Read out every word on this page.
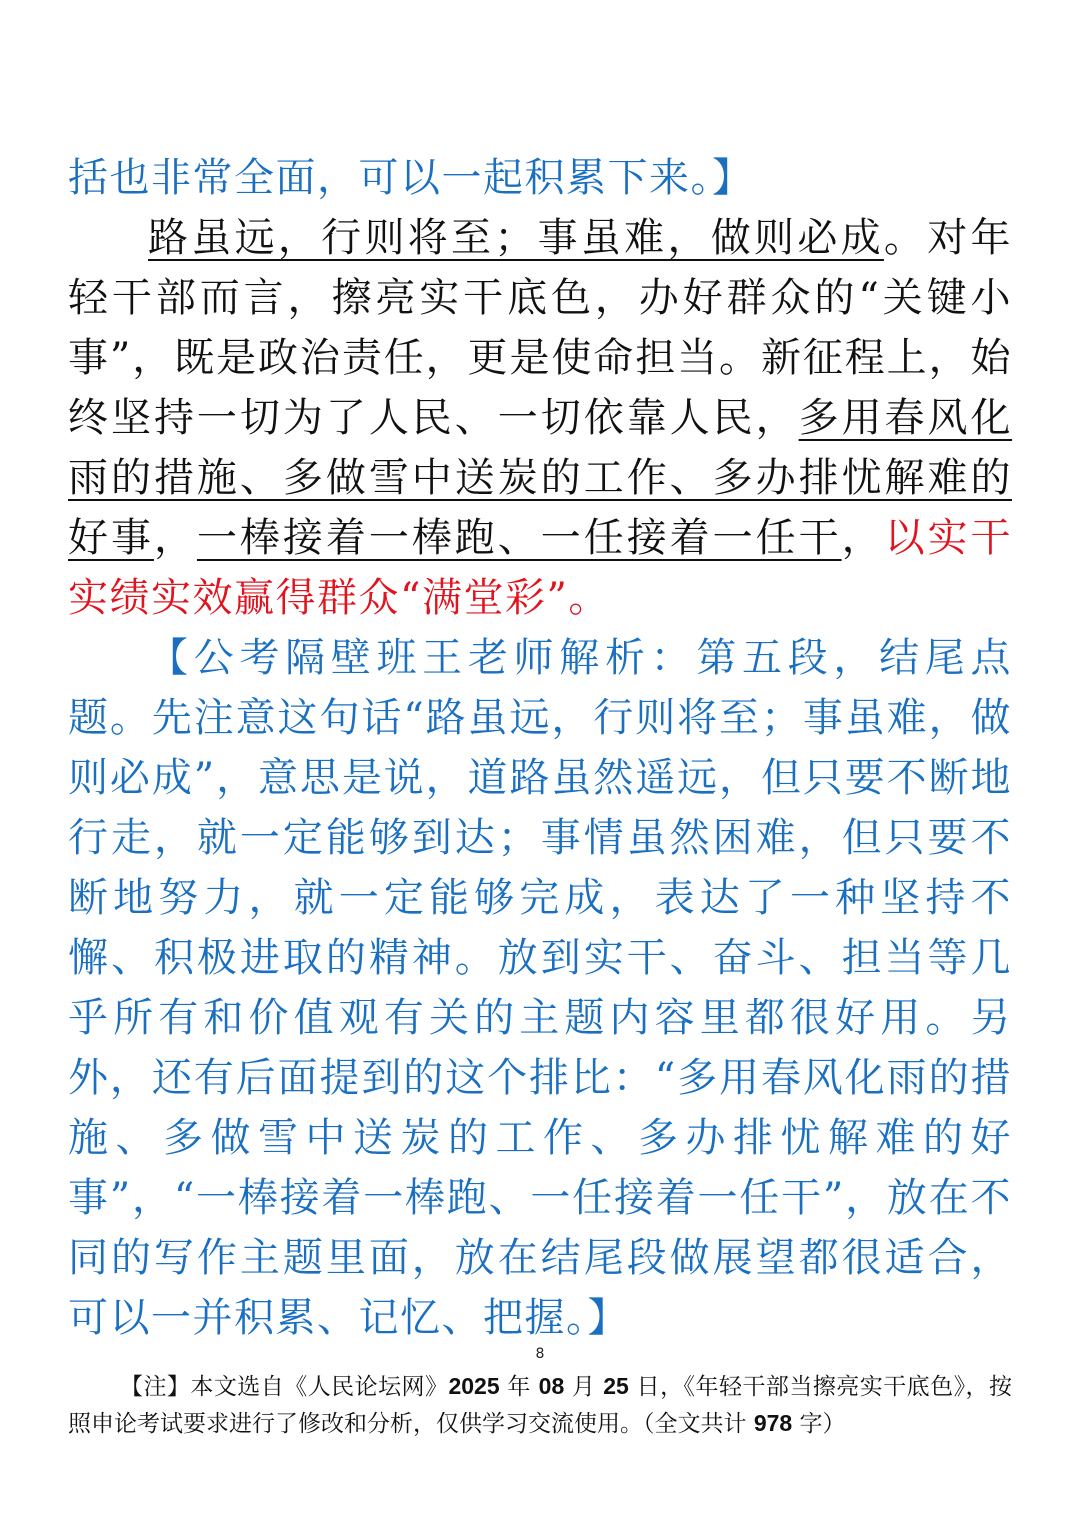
括也非常全面，可以一起积累下来。】

路虽远，行则将至；事虽难，做则必成。对年轻干部而言，擦亮实干底色，办好群众的“关键小事”，既是政治责任，更是使命担当。新征程上，始终坚持一切为了人民、一切依靠人民，多用春风化雨的措施、多做雪中送炭的工作、多办排忧解难的好事，一棒接着一棒跑、一任接着一任干，以实干实绩实效赢得群众“满堂彩”。

【公考隔壁班王老师解析：第五段，结尾点题。先注意这句话“路虽远，行则将至；事虽难，做则必成”，意思是说，道路虽然遥远，但只要不断地行走，就一定能够到达；事情虽然困难，但只要不断地努力，就一定能够完成，表达了一种坚持不懈、积极进取的精神。放到实干、奋斗、担当等几乎所有和价值观有关的主题内容里都很好用。另外，还有后面提到的这个排比：“多用春风化雨的措施、多做雪中送炭的工作、多办排忧解难的好事”，“一棒接着一棒跑、一任接着一任干”，放在不同的写作主题里面，放在结尾段做展望都很适合，可以一并积累、记忆、把握。】

8

【注】本文选自《人民论坛网》2025 年 08 月 25 日，《年轻干部当擦亮实干底色》，按照申论考试要求进行了修改和分析，仅供学习交流使用。（全文共计 978 字）
